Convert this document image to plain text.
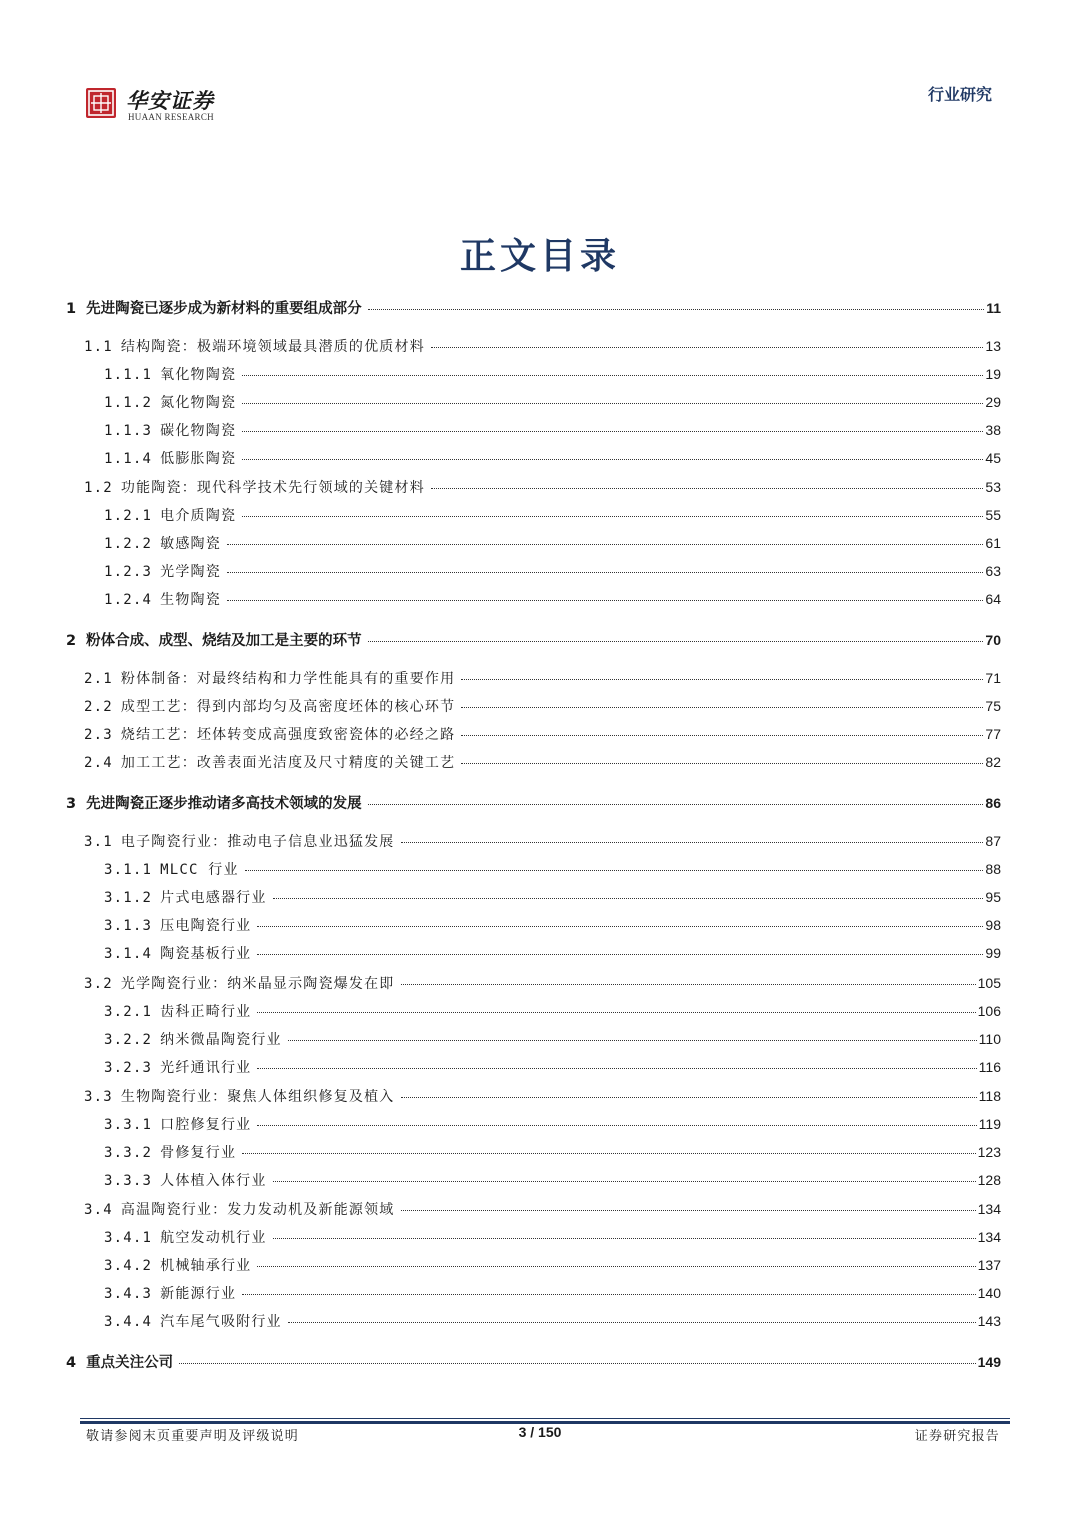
华安证券
HUAAN RESEARCH
行业研究
正文目录
1 先进陶瓷已逐步成为新材料的重要组成部分	11
1.1 结构陶瓷：极端环境领域最具潜质的优质材料	13
1.1.1 氧化物陶瓷	19
1.1.2 氮化物陶瓷	29
1.1.3 碳化物陶瓷	38
1.1.4 低膨胀陶瓷	45
1.2 功能陶瓷：现代科学技术先行领域的关键材料	53
1.2.1 电介质陶瓷	55
1.2.2 敏感陶瓷	61
1.2.3 光学陶瓷	63
1.2.4 生物陶瓷	64
2 粉体合成、成型、烧结及加工是主要的环节	70
2.1 粉体制备：对最终结构和力学性能具有的重要作用	71
2.2 成型工艺：得到内部均匀及高密度坯体的核心环节	75
2.3 烧结工艺：坯体转变成高强度致密瓷体的必经之路	77
2.4 加工工艺：改善表面光洁度及尺寸精度的关键工艺	82
3 先进陶瓷正逐步推动诸多高技术领域的发展	86
3.1 电子陶瓷行业：推动电子信息业迅猛发展	87
3.1.1 MLCC 行业	88
3.1.2 片式电感器行业	95
3.1.3 压电陶瓷行业	98
3.1.4 陶瓷基板行业	99
3.2 光学陶瓷行业：纳米晶显示陶瓷爆发在即	105
3.2.1 齿科正畸行业	106
3.2.2 纳米微晶陶瓷行业	110
3.2.3 光纤通讯行业	116
3.3 生物陶瓷行业：聚焦人体组织修复及植入	118
3.3.1 口腔修复行业	119
3.3.2 骨修复行业	123
3.3.3 人体植入体行业	128
3.4 高温陶瓷行业：发力发动机及新能源领域	134
3.4.1 航空发动机行业	134
3.4.2 机械轴承行业	137
3.4.3 新能源行业	140
3.4.4 汽车尾气吸附行业	143
4 重点关注公司	149
敬请参阅末页重要声明及评级说明	3 / 150	证券研究报告
